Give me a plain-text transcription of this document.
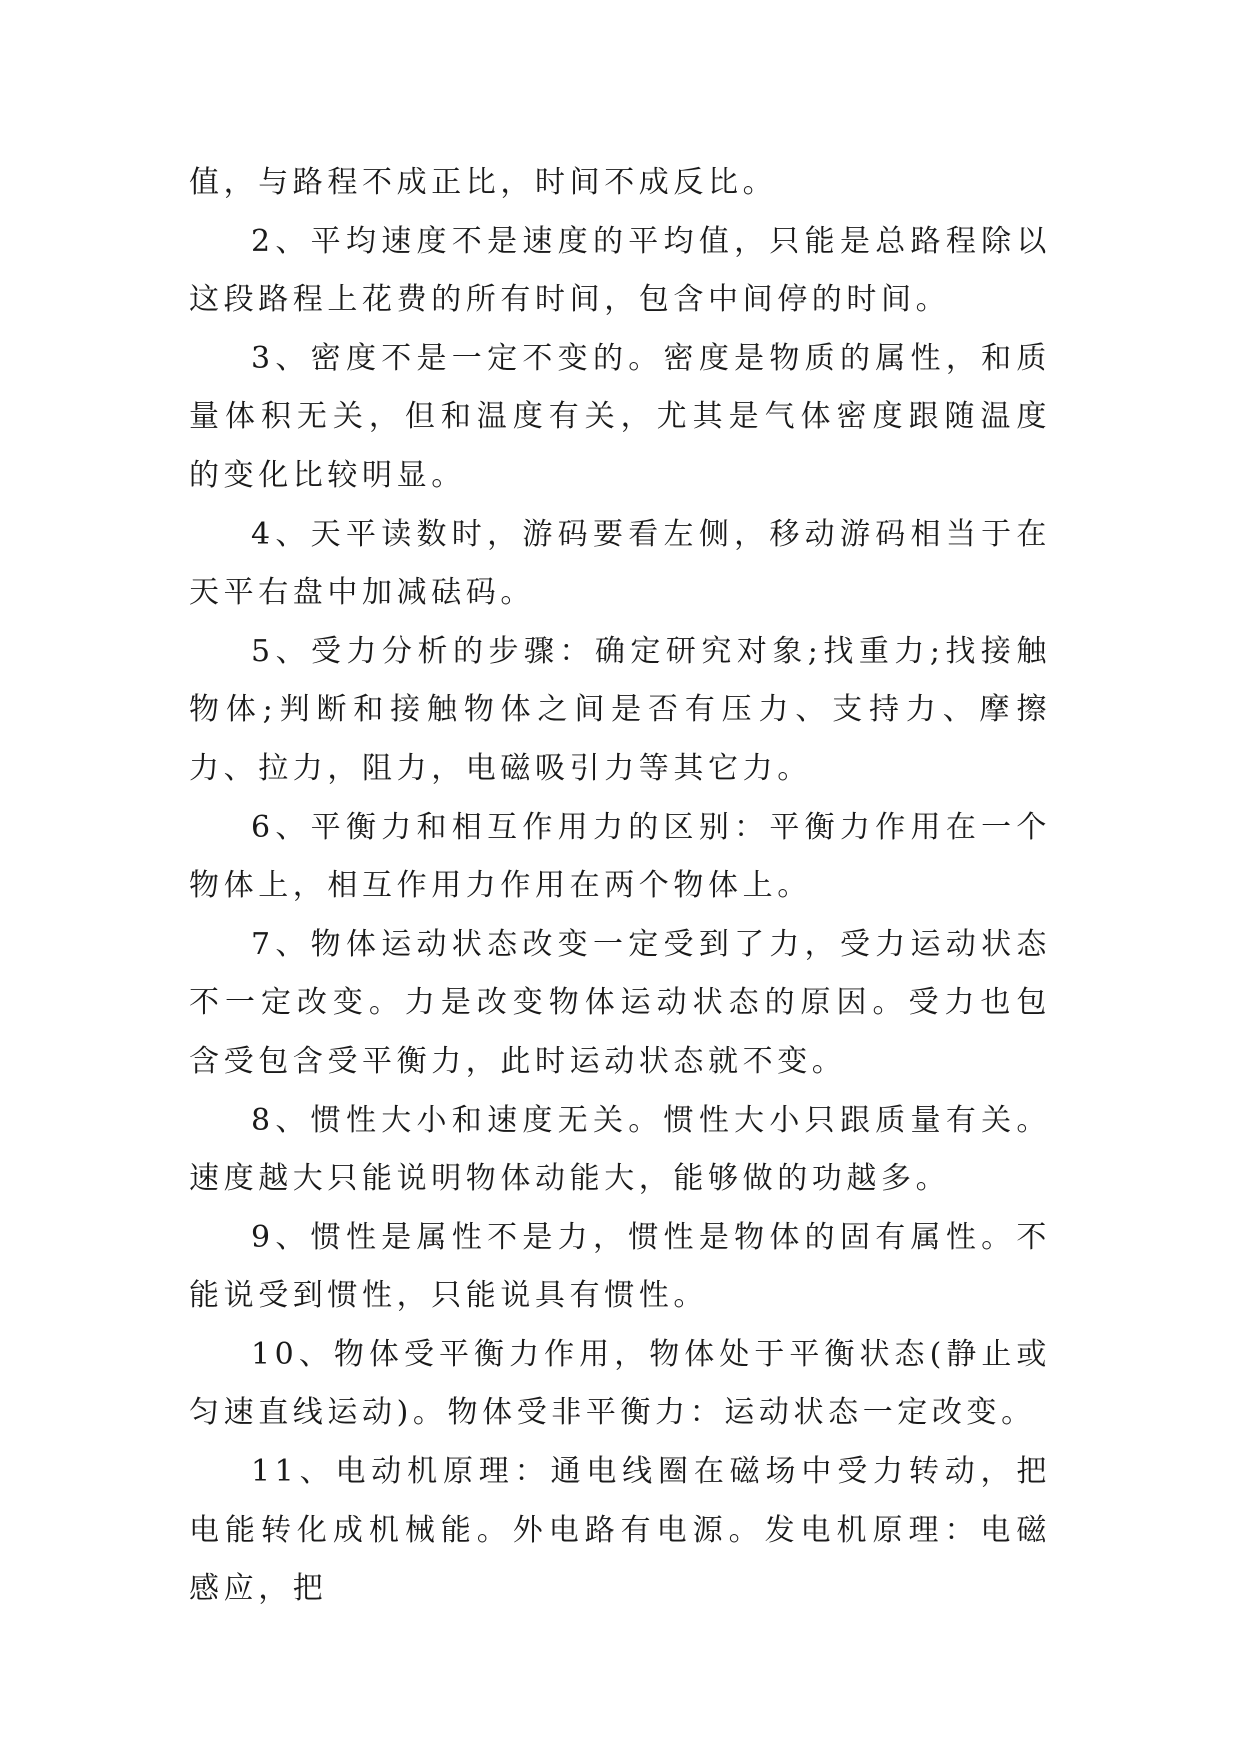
值，与路程不成正比，时间不成反比。

2、平均速度不是速度的平均值，只能是总路程除以这段路程上花费的所有时间，包含中间停的时间。

3、密度不是一定不变的。密度是物质的属性，和质量体积无关，但和温度有关，尤其是气体密度跟随温度的变化比较明显。

4、天平读数时，游码要看左侧，移动游码相当于在天平右盘中加减砝码。

5、受力分析的步骤：确定研究对象;找重力;找接触物体;判断和接触物体之间是否有压力、支持力、摩擦力、拉力，阻力，电磁吸引力等其它力。

6、平衡力和相互作用力的区别：平衡力作用在一个物体上，相互作用力作用在两个物体上。

7、物体运动状态改变一定受到了力，受力运动状态不一定改变。力是改变物体运动状态的原因。受力也包含受包含受平衡力，此时运动状态就不变。

8、惯性大小和速度无关。惯性大小只跟质量有关。速度越大只能说明物体动能大，能够做的功越多。

9、惯性是属性不是力，惯性是物体的固有属性。不能说受到惯性，只能说具有惯性。

10、物体受平衡力作用，物体处于平衡状态(静止或匀速直线运动)。物体受非平衡力：运动状态一定改变。

11、电动机原理：通电线圈在磁场中受力转动，把电能转化成机械能。外电路有电源。发电机原理：电磁感应，把
